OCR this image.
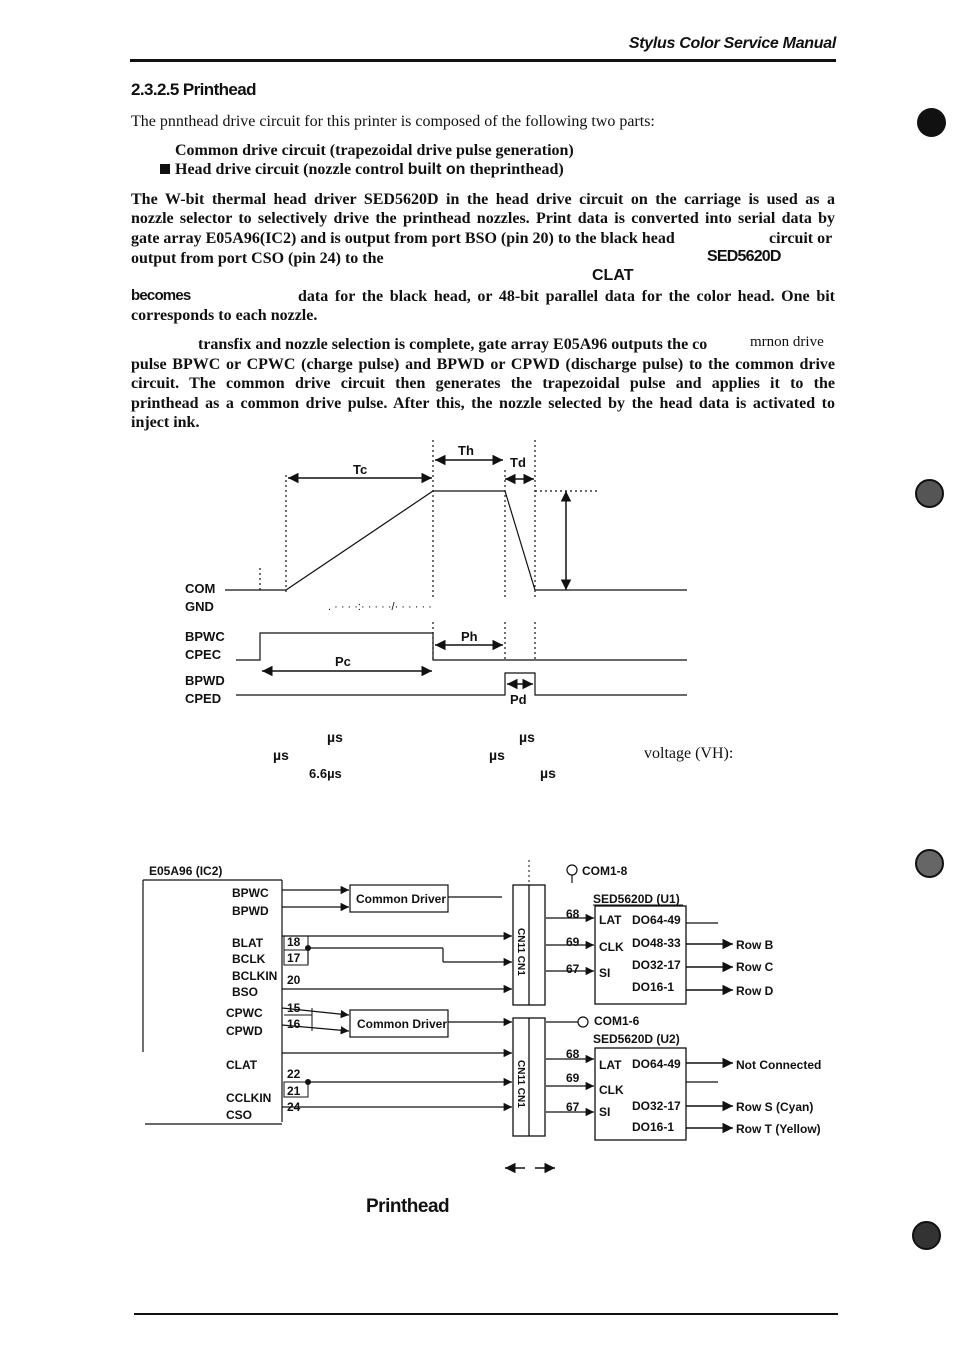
Stylus Color Service Manual
2.3.2.5 Printhead
The pnnthead drive circuit for this printer is composed of the following two parts:
Common drive circuit (trapezoidal drive pulse generation)
Head drive circuit (nozzle control built on theprinthead)
The W-bit thermal head driver SED5620D in the head drive circuit on the carriage is used as a
nozzle selector to selectively drive the printhead nozzles. Print data is converted into serial data by
gate array E05A96(IC2) and is output from port BSO (pin 20) to the black head	circuit or
output from port CSO (pin 24) to the	SED5620D
CLAT
becomes	data for the black head, or 48-bit parallel data for the color head. One bit
corresponds to each nozzle.
transfix and nozzle selection is complete, gate array E05A96 outputs the co	mrnon drive
pulse BPWC or CPWC (charge pulse) and BPWD or CPWD (discharge pulse) to the common drive
circuit. The common drive circuit then generates the trapezoidal pulse and applies it to the
printhead as a common drive pulse. After this, the nozzle selected by the head data is activated to
inject ink.
Th
Tc	Td
COM
GND
BPWC
CPEC
BPWD
CPED
Ph
Pc
Pd
. · · · ·:· · · · ·/· · · · · ·
µs	µs
µs	µs
6.6µs	µs
voltage (VH):
E05A96 (IC2)
BPWC
BPWD
BLAT
BCLK
BCLKIN
BSO
CPWC
CPWD
CLAT
CCLKIN
CSO
18
17
20
15
16
22
21
24
Common Driver
Common Driver
COM1-8
COM1-6
SED5620D (U1)
SED5620D (U2)
68
69
67
68
69
67
LAT
CLK
SI
LAT
CLK
SI
DO64-49
DO48-33
DO32-17
DO16-1
DO64-49
DO32-17
DO16-1
Row B
Row C
Row D
Not Connected
Row S (Cyan)
Row T (Yellow)
CN11 CN1
CN11 CN1
Printhead
